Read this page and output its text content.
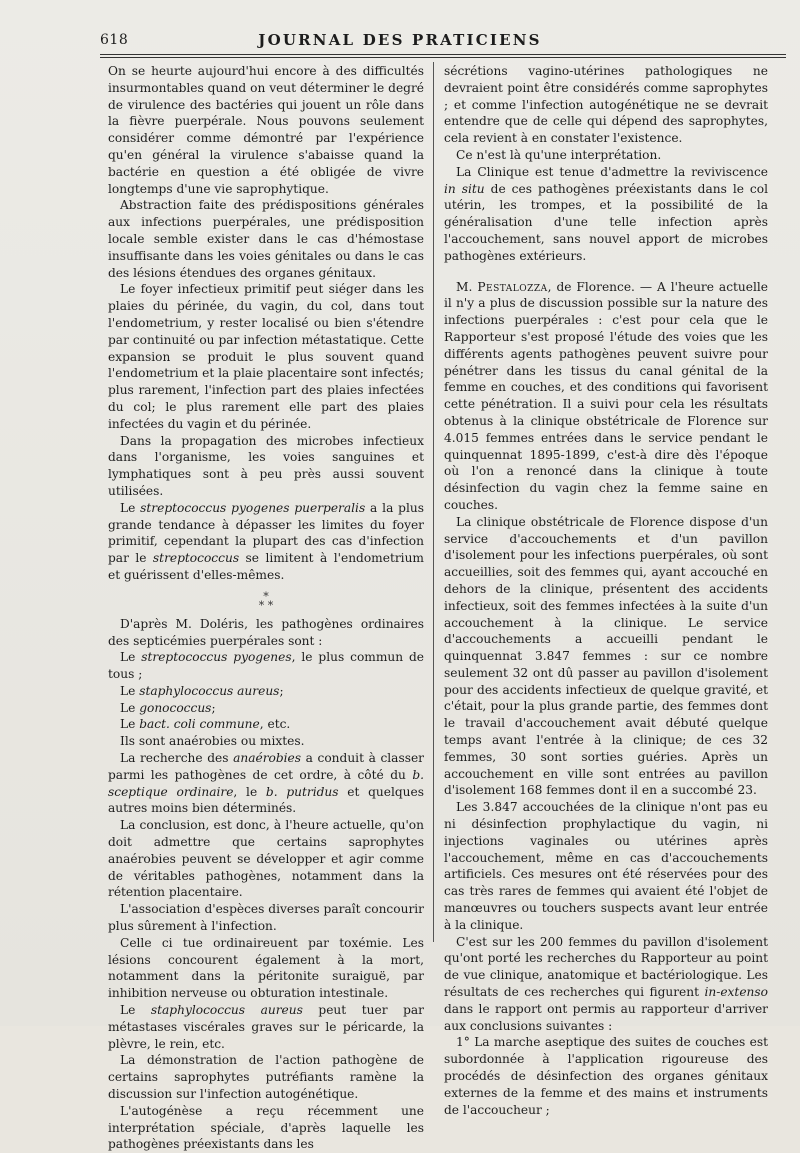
618	JOURNAL DES PRATICIENS

On se heurte aujourd'hui encore à des difficultés insurmontables quand on veut déterminer le degré de virulence des bactéries qui jouent un rôle dans la fièvre puerpérale. Nous pouvons seulement considérer comme démontré par l'expérience qu'en général la virulence s'abaisse quand la bactérie en question a été obligée de vivre longtemps d'une vie saprophytique.

Abstraction faite des prédispositions générales aux infections puerpérales, une prédisposition locale semble exister dans le cas d'hémostase insuffisante dans les voies génitales ou dans le cas des lésions étendues des organes génitaux.

Le foyer infectieux primitif peut siéger dans les plaies du périnée, du vagin, du col, dans tout l'endometrium, y rester localisé ou bien s'étendre par continuité ou par infection métastatique. Cette expansion se produit le plus souvent quand l'endometrium et la plaie placentaire sont infectés; plus rarement, l'infection part des plaies infectées du col; le plus rarement elle part des plaies infectées du vagin et du périnée.

Dans la propagation des microbes infectieux dans l'organisme, les voies sanguines et lymphatiques sont à peu près aussi souvent utilisées.

Le streptococcus pyogenes puerperalis a la plus grande tendance à dépasser les limites du foyer primitif, cependant la plupart des cas d'infection par le streptococcus se limitent à l'endometrium et guérissent d'elles-mêmes.

*
* *

D'après M. Doléris, les pathogènes ordinaires des septicémies puerpérales sont :

Le streptococcus pyogenes, le plus commun de tous ;

Le staphylococcus aureus;

Le gonococcus;

Le bact. coli commune, etc.

Ils sont anaérobies ou mixtes.

La recherche des anaérobies a conduit à classer parmi les pathogènes de cet ordre, à côté du b. sceptique ordinaire, le b. putridus et quelques autres moins bien déterminés.

La conclusion, est donc, à l'heure actuelle, qu'on doit admettre que certains saprophytes anaérobies peuvent se développer et agir comme de véritables pathogènes, notamment dans la rétention placentaire.

L'association d'espèces diverses paraît concourir plus sûrement à l'infection.

Celle ci tue ordinaireuent par toxémie. Les lésions concourent également à la mort, notamment dans la péritonite suraiguë, par inhibition nerveuse ou obturation intestinale.

Le staphylococcus aureus peut tuer par métastases viscérales graves sur le péricarde, la plèvre, le rein, etc.

La démonstration de l'action pathogène de certains saprophytes putréfiants ramène la discussion sur l'infection autogénétique.

L'autogénèse a reçu récemment une interprétation spéciale, d'après laquelle les pathogènes préexistants dans les

sécrétions vagino-utérines pathologiques ne devraient point être considérés comme saprophytes ; et comme l'infection autogénétique ne se devrait entendre que de celle qui dépend des saprophytes, cela revient à en constater l'existence.

Ce n'est là qu'une interprétation.

La Clinique est tenue d'admettre la reviviscence in situ de ces pathogènes préexistants dans le col utérin, les trompes, et la possibilité de la généralisation d'une telle infection après l'accouchement, sans nouvel apport de microbes pathogènes extérieurs.

M. Pestalozza, de Florence. — A l'heure actuelle il n'y a plus de discussion possible sur la nature des infections puerpérales : c'est pour cela que le Rapporteur s'est proposé l'étude des voies que les différents agents pathogènes peuvent suivre pour pénétrer dans les tissus du canal génital de la femme en couches, et des conditions qui favorisent cette pénétration. Il a suivi pour cela les résultats obtenus à la clinique obstétricale de Florence sur 4.015 femmes entrées dans le service pendant le quinquennat 1895-1899, c'est-à dire dès l'époque où l'on a renoncé dans la clinique à toute désinfection du vagin chez la femme saine en couches.

La clinique obstétricale de Florence dispose d'un service d'accouchements et d'un pavillon d'isolement pour les infections puerpérales, où sont accueillies, soit des femmes qui, ayant accouché en dehors de la clinique, présentent des accidents infectieux, soit des femmes infectées à la suite d'un accouchement à la clinique. Le service d'accouchements a accueilli pendant le quinquennat 3.847 femmes : sur ce nombre seulement 32 ont dû passer au pavillon d'isolement pour des accidents infectieux de quelque gravité, et c'était, pour la plus grande partie, des femmes dont le travail d'accouchement avait débuté quelque temps avant l'entrée à la clinique; de ces 32 femmes, 30 sont sorties guéries. Après un accouchement en ville sont entrées au pavillon d'isolement 168 femmes dont il en a succombé 23.

Les 3.847 accouchées de la clinique n'ont pas eu ni désinfection prophylactique du vagin, ni injections vaginales ou utérines après l'accouchement, même en cas d'accouchements artificiels. Ces mesures ont été réservées pour des cas très rares de femmes qui avaient été l'objet de manœuvres ou touchers suspects avant leur entrée à la clinique.

C'est sur les 200 femmes du pavillon d'isolement qu'ont porté les recherches du Rapporteur au point de vue clinique, anatomique et bactériologique. Les résultats de ces recherches qui figurent in-extenso dans le rapport ont permis au rapporteur d'arriver aux conclusions suivantes :

1° La marche aseptique des suites de couches est subordonnée à l'application rigoureuse des procédés de désinfection des organes génitaux externes de la femme et des mains et instruments de l'accoucheur ;
